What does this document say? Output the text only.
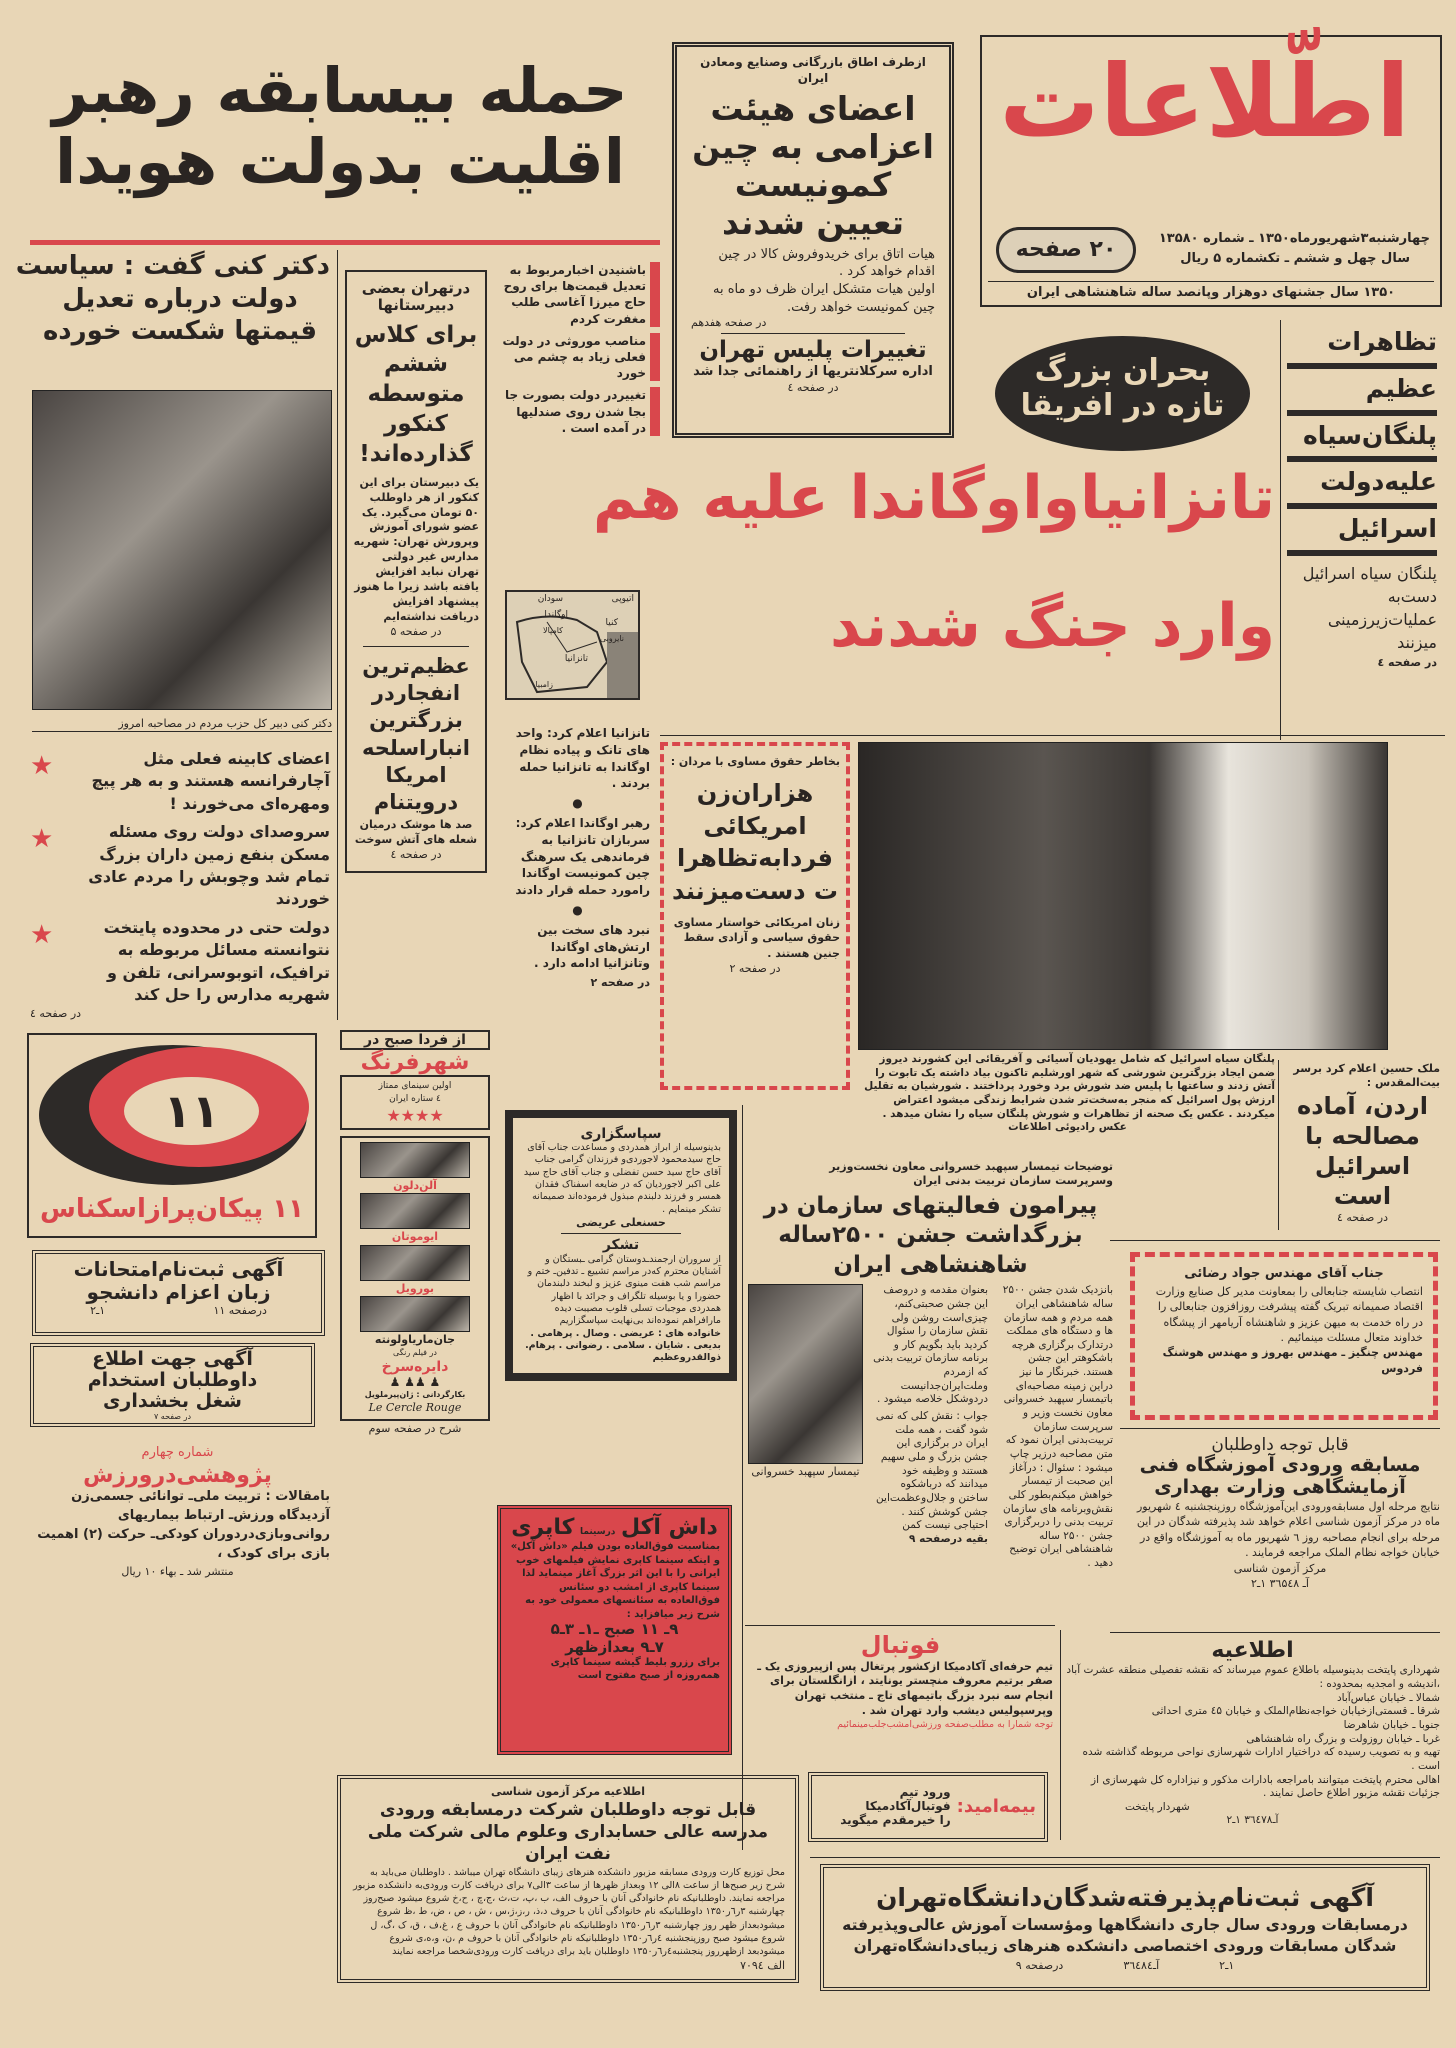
اطّلاعات
۲۰ صفحه	چهارشنبه۳شهریورماه۱۳۵۰ ـ شماره ۱۳۵۸۰
سال چهل و ششم ـ تکشماره ۵ ریال
۱۳۵۰ سال جشنهای دوهزار وپانصد ساله شاهنشاهی ایران
حمله بیسابقه رهبر
اقلیت بدولت هویدا
ازطرف اطاق بازرگانی وصنایع ومعادن ایران
اعضای هیئت اعزامی به چین کمونیست تعیین شدند

هیات اتاق برای خریدوفروش کالا در چین اقدام خواهد کرد .

اولین هیات متشکل ایران ظرف دو ماه به چین کمونیست خواهد رفت.

در صفحه هفدهم
تغییرات پلیس تهران
اداره سرکلانتریها از راهنمائی جدا شد
در صفحه ٤
دکتر کنی گفت : سیاست
دولت درباره تعدیل
قیمتها شکست خورده
دکتر کنی دبیر کل حزب مردم در مصاحبه امروز
اعضای کابینه فعلی مثل آچارفرانسه هستند و به هر پیچ ومهره‌ای می‌خورند !
★
سروصدای دولت روی مسئله مسکن بنفع زمین داران بزرگ تمام شد وچوبش را مردم عادی خوردند
★
دولت حتی در محدوده پایتخت نتوانسته مسائل مربوطه به ترافیک، اتوبوسرانی، تلفن و شهریه مدارس را حل کند
★
در صفحه ٤
درتهران بعضی دبیرستانها
برای کلاس ششم متوسطه کنکور گذارده‌اند!
یک دبیرستان برای این کنکور از هر داوطلب ۵۰ تومان می‌گیرد. یک عضو شورای آموزش وپرورش تهران: شهریه مدارس غیر دولتی تهران نباید افزایش یافته باشد زیرا ما هنوز پیشنهاد افزایش دریافت نداشته‌ایم
در صفحه ۵
عظیم‌ترین انفجاردر بزرگترین انباراسلحه امریکا درویتنام
صد ها موشک درمیان شعله های آتش سوخت
در صفحه ٤

باشنیدن اخبارمربوط به تعدیل قیمت‌ها برای روح حاج میرزا آغاسی طلب مغفرت کردم

مناصب موروثی در دولت فعلی زیاد به چشم می خورد

تغییردر دولت بصورت جا بجا شدن روی صندلیها در آمده است .

بحران بزرگ
تازه در افریقا
تانزانیاواوگاندا علیه هم
وارد جنگ شدند
سودان	اتیوپی
اوگاندا
کنیا
تانزانیا
نایروبی
زامبیا
کامپالا

تانزانیا اعلام کرد: واحد های تانک و پیاده نظام اوگاندا به تانزانیا حمله بردند .

●

رهبر اوگاندا اعلام کرد: سربازان تانزانیا به فرماندهی یک سرهنگ چین کمونیست اوگاندا رامورد حمله قرار دادند

●

نبرد های سخت بین ارتش‌های اوگاندا وتانزانیا ادامه دارد .

در صفحه ۲

تظاهرات
عظیم
پلنگان‌سیاه
علیه‌دولت
اسرائیل
پلنگان سیاه اسرائیل دست‌به عملیات‌زیرزمینی میزنند
در صفحه ٤
بخاطر حقوق مساوی با مردان :
هزاران‌زن امریکائی فردابه‌تظاهرات دست‌میزنند
زنان امریکائی خواستار مساوی حقوق سیاسی و آزادی سقط جنین هستند .
در صفحه ۲

پلنگان سیاه اسرائیل که شامل یهودیان آسیائی و آفریقائی این کشورند دیروز ضمن ایجاد بزرگترین شورشی که شهر اورشلیم تاکنون بیاد داشته یک تابوت را آتش زدند و ساعتها با پلیس ضد شورش برد وخورد پرداختند . شورشیان به تقلیل ارزش پول اسرائیل که منجر به‌سخت‌تر شدن شرایط زندگی میشود اعتراض میکردند . عکس یک صحنه از تظاهرات و شورش پلنگان سیاه را نشان میدهد .

عکس رادیوئی اطلاعات

ملک حسین اعلام کرد برسر بیت‌المقدس :
اردن، آماده مصالحه با اسرائیل است
در صفحه ٤
جناب آقای مهندس جواد رضائی
انتصاب شایسته جنابعالی را بمعاونت مدیر کل صنایع وزارت اقتصاد صمیمانه تبریک گفته پیشرفت روزافزون جنابعالی را در راه خدمت به میهن عزیز و شاهنشاه آریامهر از پیشگاه خداوند متعال مسئلت مینمائیم .
مهندس چنگیز ـ مهندس بهروز و مهندس هوشنگ فردوس
قابل توجه داوطلبان
مسابقه ورودی آموزشگاه فنی آزمایشگاهی وزارت بهداری
نتایج مرحله اول مسابقه‌ورودی این‌آموزشگاه روزپنجشنبه ٤ شهریور ماه در مرکز آزمون شناسی اعلام خواهد شد پذیرفته شدگان در این مرحله برای انجام مصاحبه روز ٦ شهریور ماه به آموزشگاه واقع در خیابان خواجه نظام الملک مراجعه فرمایند .
مرکز آزمون شناسی
آـ ۳٦۵٤۸ ۱ـ۲
اطلاعیه

شهرداری پایتخت بدینوسیله باطلاع عموم میرساند که نقشه تفصیلی منطقه عشرت آباد ،اندیشه و امجدیه بمحدوده :

شمالا ـ خیابان عباس‌آباد

شرقا ـ قسمتی‌ازخیابان خواجه‌نظام‌الملک و خیابان ٤۵ متری احداثی

جنوبا ـ خیابان شاهرضا

غربا ـ خیابان روزولت و بزرگ راه شاهنشاهی

تهیه و به تصویب رسیده که دراختیار ادارات شهرسازی نواحی مربوطه گذاشته شده است .

اهالی محترم پایتخت میتوانند بامراجعه بادارات مذکور و نیزاداره کل شهرسازی از جزئیات نقشه مزبور اطلاع حاصل نمایند .

شهردار پایتخت

آـ۳٦٤۷۸ ۱ـ۲

توضیحات تیمسار سپهبد خسروانی معاون نخست‌وزیر
وسرپرست سازمان تربیت بدنی ایران
پیرامون فعالیتهای سازمان در بزرگداشت جشن ۲۵۰۰ساله شاهنشاهی ایران

بانزدیک شدن جشن ۲۵۰۰ ساله شاهنشاهی ایران همه مردم و همه سازمان ها و دستگاه های مملکت درتدارک برگزاری هرچه باشکوهتر این جشن هستند. خبرنگار ما نیز دراین زمینه مصاحبه‌ای باتیمسار سپهبد خسروانی معاون نخست وزیر و سرپرست سازمان تربیت‌بدنی ایران نمود که متن مصاحبه درزیر چاپ میشود : سئوال : درآغاز این صحبت از تیمسار خواهش میکنم‌بطور کلی نقش‌وبرنامه های سازمان تربیت بدنی را دربرگزاری جشن ۲۵۰۰ ساله شاهنشاهی ایران توضیح دهید .

بعنوان مقدمه و دروصف این جشن صحبتی‌کنم، چیزی‌است روشن ولی نقش سازمان را سئوال کردید باید بگویم کار و برنامه سازمان تربیت بدنی که ازمردم وملت‌ایران‌جدانیست دردوشکل خلاصه میشود .

جواب : نقش کلی که نمی شود گفت ، همه ملت ایران در برگزاری این جشن بزرگ و ملی سهیم هستند و وظیفه خود میدانند که درباشکوه ساختن و جلال‌وعظمت‌این جشن کوشش کنند . احتیاجی نیست کمن

بقیه درصفحه ۹

تیمسار سپهبد خسروانی
سپاسگزاری
بدینوسیله از ابراز همدردی و مساعدت جناب آقای حاج سیدمحمود لاجوردی‌و فرزندان گرامی جناب آقای حاج سید حسن تفضلی و جناب آقای حاج سید علی اکبر لاجوردیان که در ضایعه اسفناک فقدان همسر و فرزند دلبندم مبذول فرموده‌اند صمیمانه تشکر مینمایم .
حسنعلی عریضی
تشکر
از سروران ارجمند‌ـدوستان گرامی ـبستگان و آشنایان محترم که‌در مراسم تشییع ـ تدفین‌ـ ختم و مراسم شب هفت مینوی عزیز و لبخند دلبندمان حضورا و یا بوسیله تلگراف و جرائد با اظهار همدردی موجبات تسلی قلوب مصیبت دیده مارافراهم نموده‌اند بی‌نهایت سپاسگزاریم
خانواده های : عریضی . وصال . پرهامی . بدیعی . شایان . سلامی . رضوانی . پرهام. ذوالقدروعظیم
از فردا صبح در
شهرفرنگ
اولین سینمای ممتاز
٤ ستاره ایران
★★★★
آلن‌دلون
ایوموتان
بورویل
جان‌ماریاولونته
در فیلم رنگی
دایره‌سرخ
♟ ♟♟ ♟
بکارگردانی : ژان‌پیرملویل
Le Cercle Rouge
شرح در صفحه سوم
۱۱
۱۱ پیکان‌پرازاسکناس
آگهی ثبت‌نام‌امتحانات
زبان اعزام دانشجو
درصفحه ۱۱
۱ـ۲
آگهی جهت اطلاع
داوطلبان استخدام
شغل بخشداری
در صفحه ۷
شماره چهارم
پژوهشی‌درورزش
بامقالات : تربیت ملی‌ـ توانائی جسمی‌زن آزدیدگاه ورزش‌ـ ارتباط بیماریهای روانی‌وبازی‌دردوران کودکی‌ـ حرکت (۲) اهمیت بازی برای کودک ،
منتشر شد ـ بهاء ۱۰ ریال
داش آکل درسینما کاپری
بمناسبت فوق‌العاده بودن فیلم «داش آکل» و اینکه سینما کاپری نمایش فیلمهای خوب ایرانی را با این اثر بزرگ آغاز مینماید لذا سینما کاپری از امشب دو سئانس فوق‌العاده به سئانسهای معمولی خود به شرح زیر میافزاید :
۹ـ ۱۱ صبح ـ۱ـ ۳ـ۵
۷ـ۹ بعدازظهر
برای رزرو بلیط گیشه سینما کاپری همه‌روزه از صبح مفتوح است
فوتبال
تیم حرفه‌ای آکادمیکا ازکشور پرتغال پس ازپیروزی یک ـ صفر برتیم معروف منچستر یونایتد ، ازانگلستان برای انجام سه نبرد بزرگ باتیمهای تاج ـ منتخب تهران وپرسپولیس دیشب وارد تهران شد .
توجه شمارا به مطلب‌صفحه ورزشی‌امشب‌جلب‌مینمائیم
بیمه‌امید:
ورود تیم فوتبال‌آکادمیکا
را خیرمقدم میگوید
اطلاعیه مرکز آزمون شناسی
قابل توجه داوطلبان شرکت درمسابقه ورودی مدرسه عالی حسابداری وعلوم مالی شرکت ملی نفت ایران
محل توزیع کارت ورودی مسابقه مزبور دانشکده هنرهای زیبای دانشگاه تهران میباشد . داوطلبان می‌باید به شرح زیر صبح‌ها از ساعت ۸الی ۱۲ وبعداز ظهرها از ساعت ۳الی۷ برای دریافت کارت ورودی‌به دانشکده مزبور مراجعه نمایند. داوطلبانیکه نام خانوادگی آنان با حروف الف، ب ،پ، ت،ث ،ج،چ ، ح،خ شروع میشود صبح‌روز چهارشنبه ۳ر٦ر۱۳۵۰ داوطلبانیکه نام خانوادگی آنان با حروف د،ذ، ر،ز،ژ،س ، ش ، ص ، ض، ط ،ظ شروع میشودبعداز ظهر روز چهارشنبه ۳ر٦ر۱۳۵۰ داوطلبانیکه نام خانوادگی آنان با حروف ع ، غ،ف ، ق، ک ،گ، ل شروع میشود صبح روزپنجشنبه ٤ر٦ر۱۳۵۰ داوطلبانیکه نام خانوادگی آنان با حروف م ،ن، و،ه،ی شروع میشودبعد ازظهرروز پنجشنبه٤ر٦ر۱۳۵۰ داوطلبان باید برای دریافت کارت ورودی‌شخصا مراجعه نمایند
الف ۷۰۹٤
آگهی ثبت‌نام‌پذیرفته‌شدگان‌دانشگاه‌تهران
درمسابقات ورودی سال جاری دانشگاهها ومؤسسات آموزش عالی‌وپذیرفته
شدگان مسابقات ورودی اختصاصی دانشکده هنرهای زیبای‌دانشگاه‌تهران
۱ـ۲
آـ۳٦٤۸٤
درصفحه ۹
